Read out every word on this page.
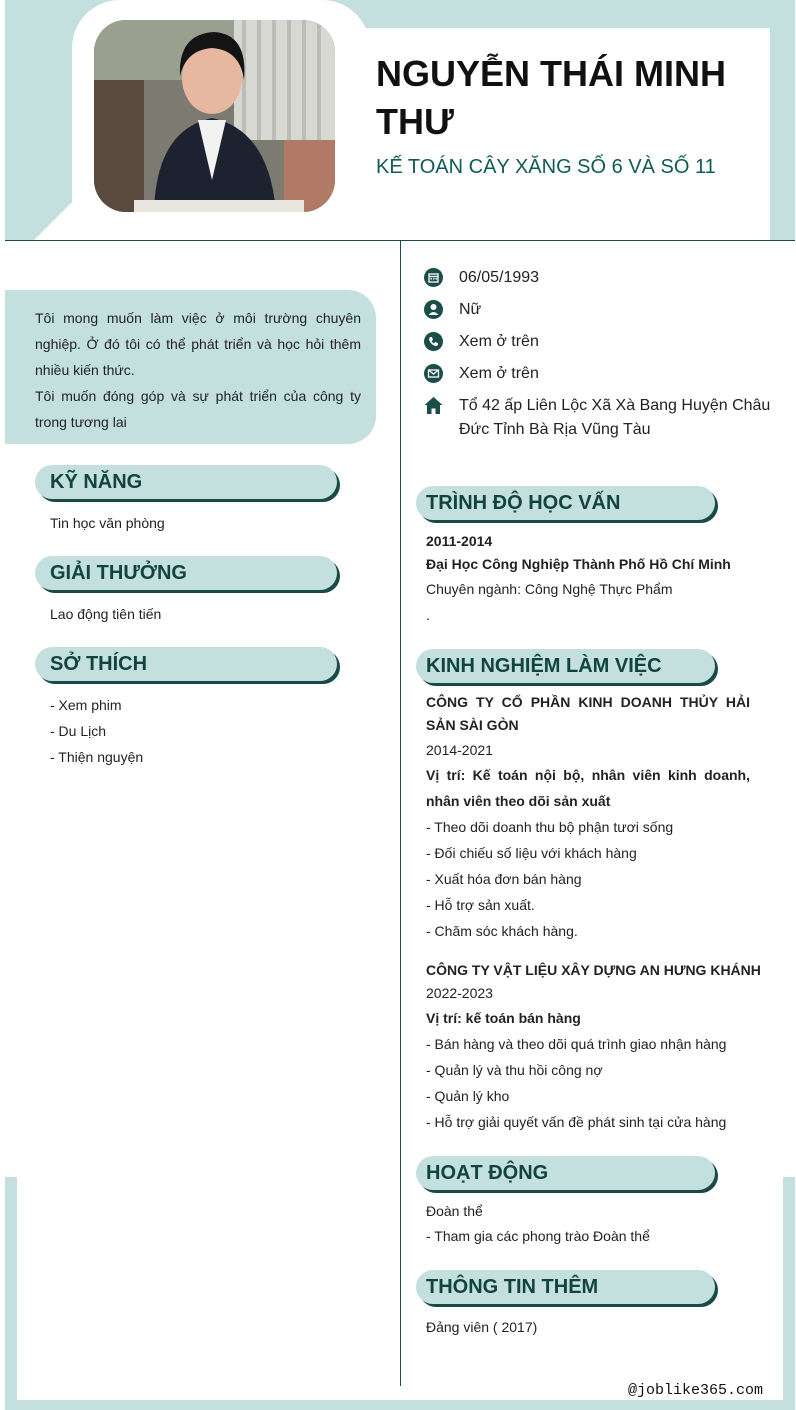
NGUYỄN THÁI MINH THƯ
KẾ TOÁN CÂY XĂNG SỐ 6 VÀ SỐ 11

Tôi mong muốn làm việc ở môi trường chuyên nghiệp. Ở đó tôi có thể phát triển và học hỏi thêm nhiều kiến thức.

Tôi muốn đóng góp và sự phát triển của công ty trong tương lai

KỸ NĂNG
Tin học văn phòng
GIẢI THƯỞNG
Lao động tiên tiến
SỞ THÍCH
- Xem phim
- Du Lịch
- Thiện nguyện
06/05/1993
Nữ
Xem ở trên
Xem ở trên
Tổ 42 ấp Liên Lộc Xã Xà Bang Huyện Châu Đức Tỉnh Bà Rịa Vũng Tàu
TRÌNH ĐỘ HỌC VẤN
2011-2014
Đại Học Công Nghiệp Thành Phố Hồ Chí Minh
Chuyên ngành: Công Nghệ Thực Phẩm
.
KINH NGHIỆM LÀM VIỆC
CÔNG TY CỔ PHẦN KINH DOANH THỦY HẢI SẢN SÀI GÒN
2014-2021
Vị trí: Kế toán nội bộ, nhân viên kinh doanh, nhân viên theo dõi sản xuất
- Theo dõi doanh thu bộ phận tươi sống
- Đối chiếu số liệu với khách hàng
- Xuất hóa đơn bán hàng
- Hỗ trợ sản xuất.
- Chăm sóc khách hàng.
CÔNG TY VẬT LIỆU XÂY DỰNG AN HƯNG KHÁNH
2022-2023
Vị trí: kế toán bán hàng
- Bán hàng và theo dõi quá trình giao nhận hàng
- Quản lý và thu hồi công nợ
- Quản lý kho
- Hỗ trợ giải quyết vấn đề phát sinh tại cửa hàng
HOẠT ĐỘNG
Đoàn thể
- Tham gia các phong trào Đoàn thể
THÔNG TIN THÊM
Đảng viên ( 2017)
@joblike365.com
